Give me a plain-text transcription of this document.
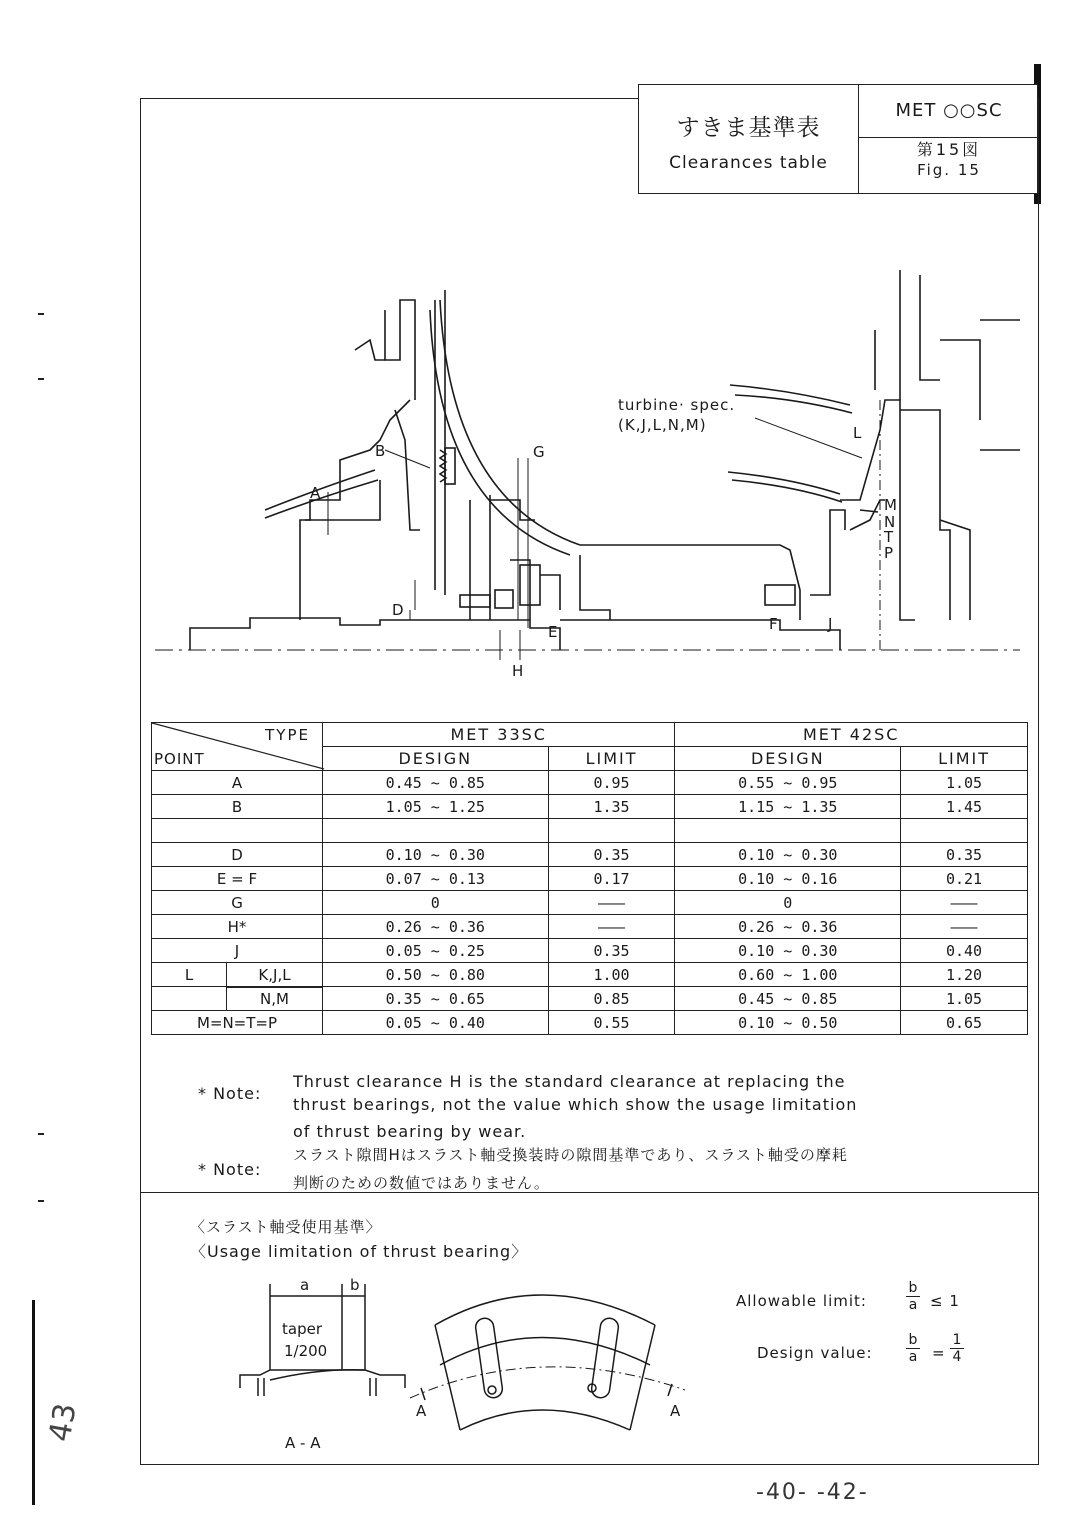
すきま基準表
Clearances table
MET ○○SC
第15図
Fig. 15
A
B	G
D
E
H
F	J
L
M
N
T
P
turbine· spec.
(K,J,L,N,M)
TYPE
POINT	MET 33SC		MET 42SC	
	DESIGN	LIMIT	DESIGN	LIMIT
A	0.45 ~ 0.85	0.95	0.55 ~ 0.95	1.05
B	1.05 ~ 1.25	1.35	1.15 ~ 1.35	1.45

D	0.10 ~ 0.30	0.35	0.10 ~ 0.30	0.35
E = F	0.07 ~ 0.13	0.17	0.10 ~ 0.16	0.21
G	0	———	0	———
H*	0.26 ~ 0.36	———	0.26 ~ 0.36	———
J	0.05 ~ 0.25	0.35	0.10 ~ 0.30	0.40

L K,J,L	0.50 ~ 0.80	1.00	0.60 ~ 1.00	1.20

N,M	0.35 ~ 0.65	0.85	0.45 ~ 0.85	1.05
M=N=T=P	0.05 ~ 0.40	0.55	0.10 ~ 0.50	0.65
* Note:
Thrust clearance H is the standard clearance at replacing the
thrust bearings, not the value which show the usage limitation
of thrust bearing by wear.
* Note:
スラスト隙間Hはスラスト軸受換装時の隙間基準であり、スラスト軸受の摩耗
判断のための数値ではありません。
〈スラスト軸受使用基準〉
〈Usage limitation of thrust bearing〉
a	b
taper
1/200
A	A
A - A
Allowable limit:	$\frac{b}{a} \le 1$
Design value: $\frac{b}{a} = \frac{1}{4}$
43
-40- -42-
